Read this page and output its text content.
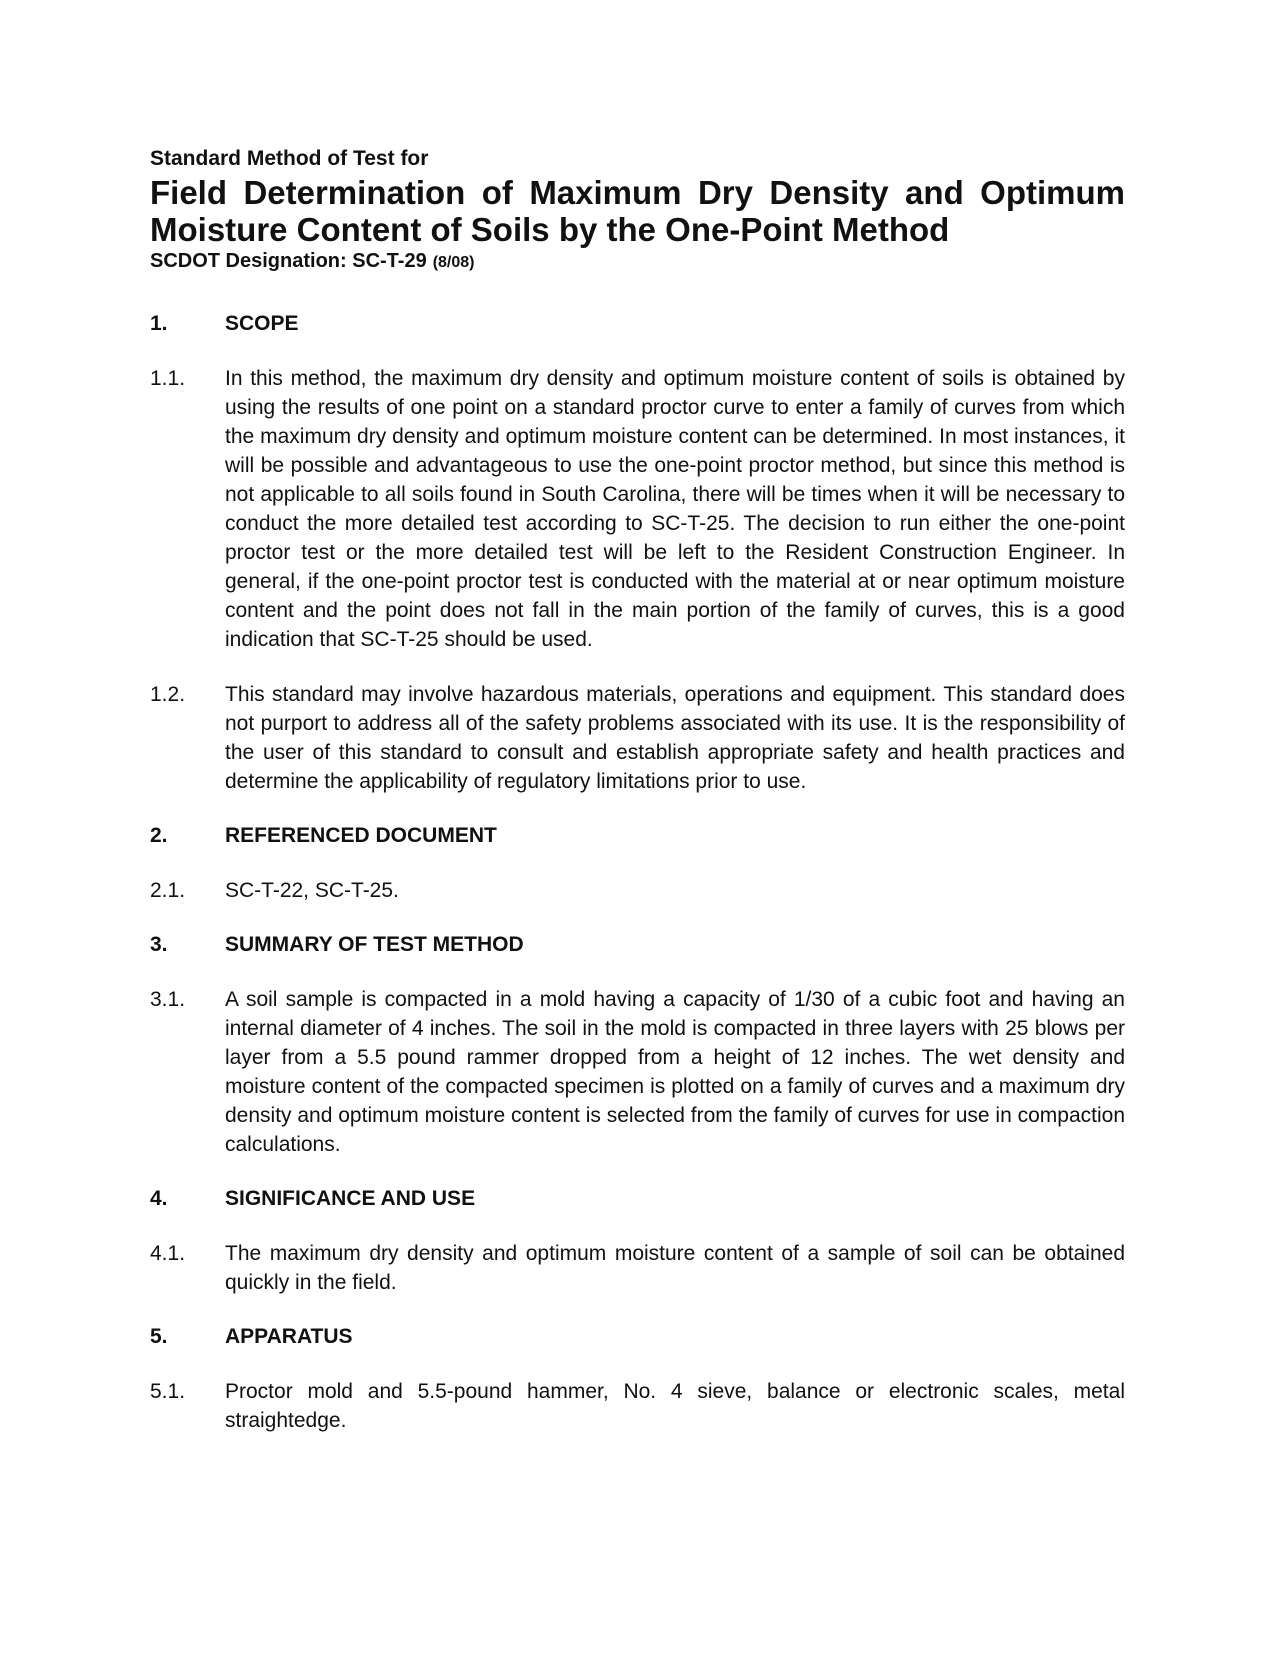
Standard Method of Test for

Field Determination of Maximum Dry Density and Optimum Moisture Content of Soils by the One-Point Method

SCDOT Designation: SC-T-29 (8/08)

1.	SCOPE
1.1.	In this method, the maximum dry density and optimum moisture content of soils is obtained by using the results of one point on a standard proctor curve to enter a family of curves from which the maximum dry density and optimum moisture content can be determined. In most instances, it will be possible and advantageous to use the one-point proctor method, but since this method is not applicable to all soils found in South Carolina, there will be times when it will be necessary to conduct the more detailed test according to SC-T-25. The decision to run either the one-point proctor test or the more detailed test will be left to the Resident Construction Engineer. In general, if the one-point proctor test is conducted with the material at or near optimum moisture content and the point does not fall in the main portion of the family of curves, this is a good indication that SC-T-25 should be used.
1.2.	This standard may involve hazardous materials, operations and equipment. This standard does not purport to address all of the safety problems associated with its use. It is the responsibility of the user of this standard to consult and establish appropriate safety and health practices and determine the applicability of regulatory limitations prior to use.
2.	REFERENCED DOCUMENT
2.1.	SC-T-22, SC-T-25.
3.	SUMMARY OF TEST METHOD
3.1.	A soil sample is compacted in a mold having a capacity of 1/30 of a cubic foot and having an internal diameter of 4 inches. The soil in the mold is compacted in three layers with 25 blows per layer from a 5.5 pound rammer dropped from a height of 12 inches. The wet density and moisture content of the compacted specimen is plotted on a family of curves and a maximum dry density and optimum moisture content is selected from the family of curves for use in compaction calculations.
4.	SIGNIFICANCE AND USE
4.1.	The maximum dry density and optimum moisture content of a sample of soil can be obtained quickly in the field.
5.	APPARATUS
5.1.	Proctor mold and 5.5-pound hammer, No. 4 sieve, balance or electronic scales, metal straightedge.
